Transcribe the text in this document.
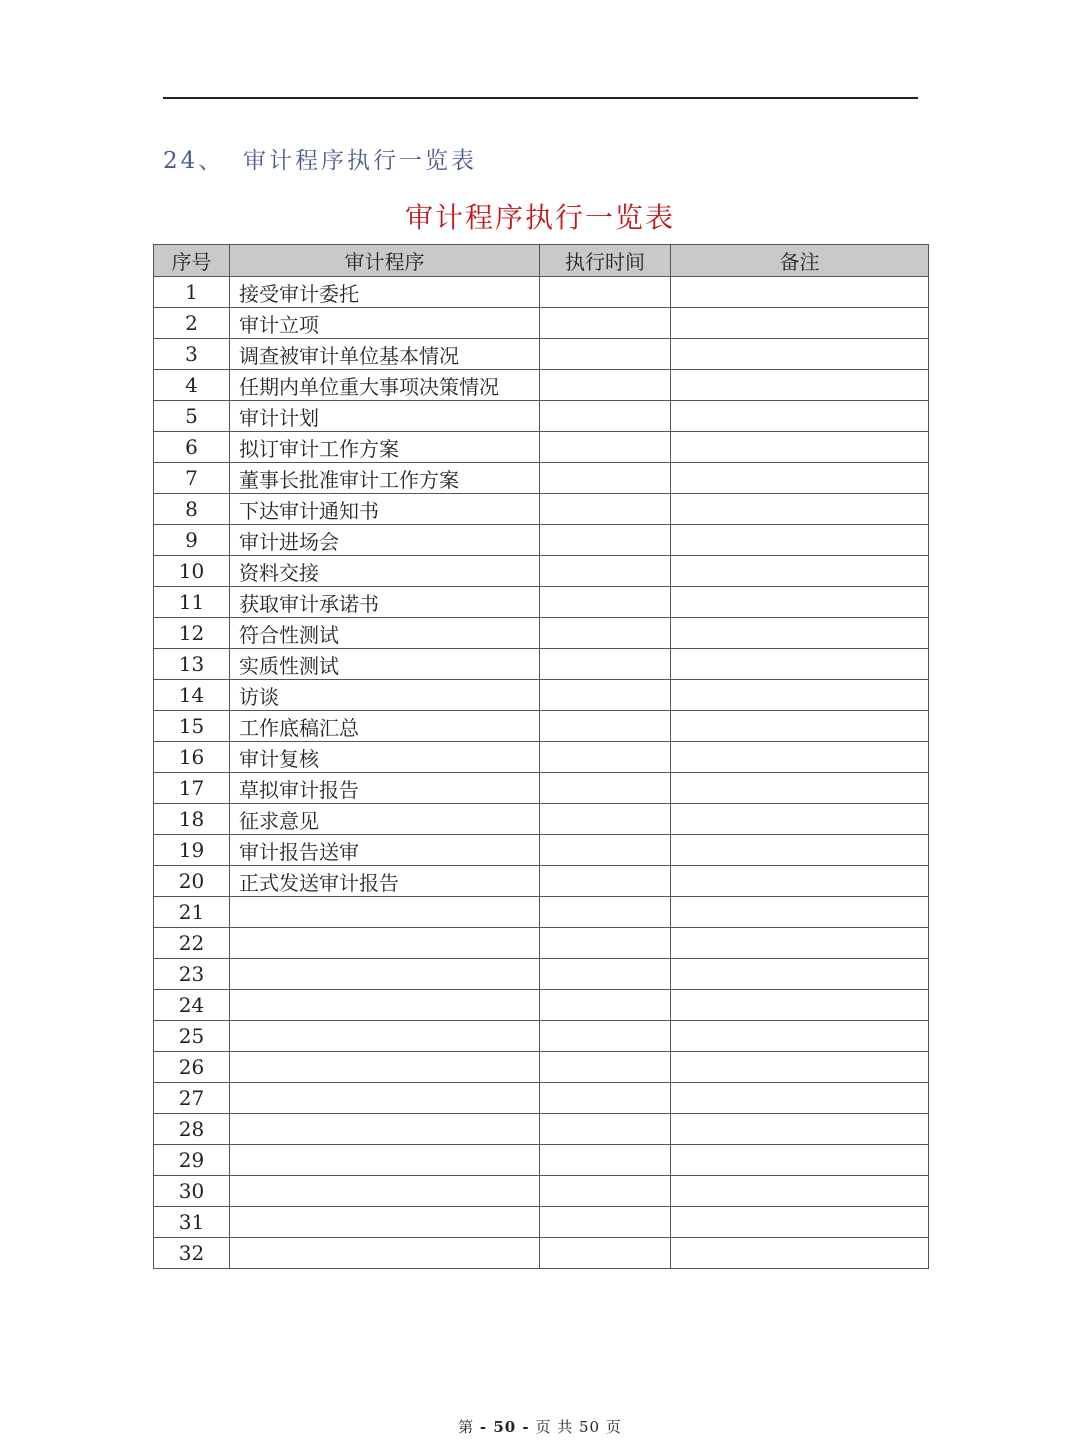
24、 审计程序执行一览表
审计程序执行一览表
序号	审计程序	执行时间	备注
1	接受审计委托		
2	审计立项		
3	调查被审计单位基本情况		
4	任期内单位重大事项决策情况		
5	审计计划		
6	拟订审计工作方案		
7	董事长批准审计工作方案		
8	下达审计通知书		
9	审计进场会		
10	资料交接		
11	获取审计承诺书		
12	符合性测试		
13	实质性测试		
14	访谈		
15	工作底稿汇总		
16	审计复核		
17	草拟审计报告		
18	征求意见		
19	审计报告送审		
20	正式发送审计报告		
21			
22			
23			
24			
25			
26			
27			
28			
29			
30			
31			
32			
第 - 50 - 页 共 50 页
